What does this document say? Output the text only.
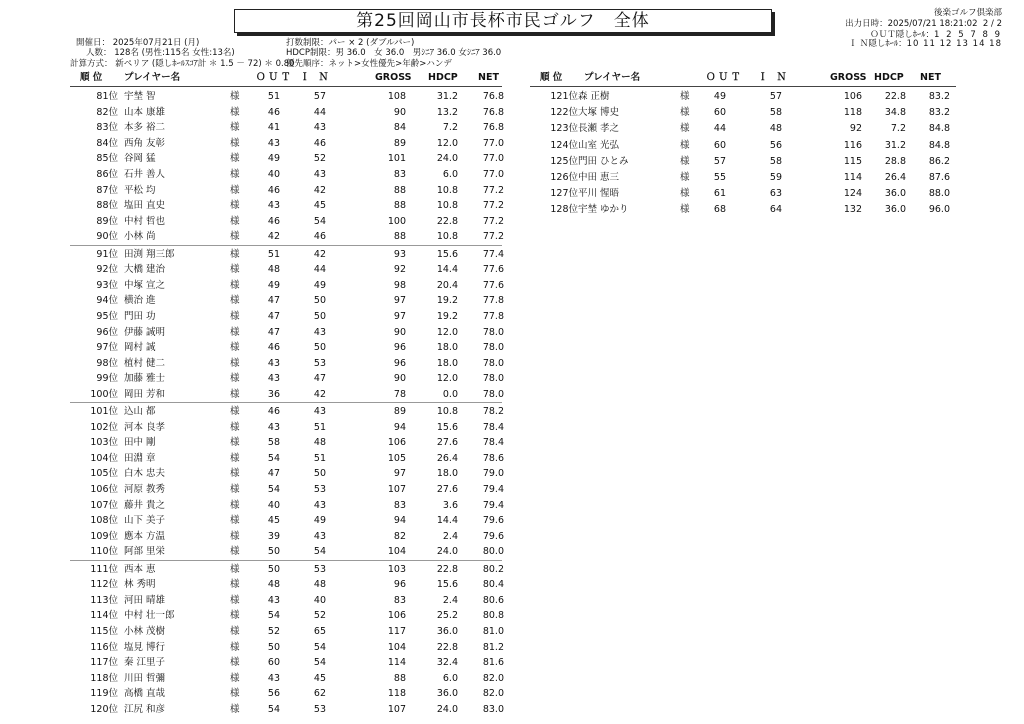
後楽ゴルフ倶楽部
出力日時：2025/07/21 18:21:02 2 / 2
ＯＵＴ隠しﾎｰﾙ：1 2 5 7 8 9
Ｉ Ｎ隠しﾎｰﾙ：10 11 12 13 14 18
第25回岡山市長杯市民ゴルフ　全体
開催日： 2025年07月21日 (月)
人数： 128名 (男性:115名 女性:13名)
計算方式： 新ペリア (隠しﾎｰﾙｽｺｱ計 ＊ 1.5 － 72) ＊ 0.80
打数制限：パー × 2 (ダブルパー)
HDCP制限：男 36.0　女 36.0　男ｼﾆｱ 36.0 女ｼﾆｱ 36.0
優先順序：ネット>女性優先>年齢>ハンデ
順 位 プレイヤー名	ＯＵＴ Ｉ Ｎ	GROSS HDCP NET
81位 宇埜 智	様	51	57	108	31.2	76.8
82位 山本 康雄	様	46	44	90	13.2	76.8
83位 本多 裕二	様	41	43	84	7.2	76.8
84位 西角 友彰	様	43	46	89	12.0	77.0
85位 谷岡 猛	様	49	52	101	24.0	77.0
86位 石井 善人	様	40	43	83	6.0	77.0
87位 平松 均	様	46	42	88	10.8	77.2
88位 塩田 直史	様	43	45	88	10.8	77.2
89位 中村 哲也	様	46	54	100	22.8	77.2
90位 小林 尚	様	42	46	88	10.8	77.2
91位 田渕 翔三郎	様	51	42	93	15.6	77.4
92位 大橋 建治	様	48	44	92	14.4	77.6
93位 中塚 宣之	様	49	49	98	20.4	77.6
94位 横治 進	様	47	50	97	19.2	77.8
95位 門田 功	様	47	50	97	19.2	77.8
96位 伊藤 誠明	様	47	43	90	12.0	78.0
97位 岡村 誠	様	46	50	96	18.0	78.0
98位 植村 健二	様	43	53	96	18.0	78.0
99位 加藤 雅士	様	43	47	90	12.0	78.0
100位 岡田 芳和	様	36	42	78	0.0	78.0
101位 込山 都	様	46	43	89	10.8	78.2
102位 河本 良孝	様	43	51	94	15.6	78.4
103位 田中 剛	様	58	48	106	27.6	78.4
104位 田淵 章	様	54	51	105	26.4	78.6
105位 白木 忠夫	様	47	50	97	18.0	79.0
106位 河原 教秀	様	54	53	107	27.6	79.4
107位 藤井 貴之	様	40	43	83	3.6	79.4
108位 山下 美子	様	45	49	94	14.4	79.6
109位 應本 方温	様	39	43	82	2.4	79.6
110位 阿部 里栄	様	50	54	104	24.0	80.0
111位 西本 恵	様	50	53	103	22.8	80.2
112位 林 秀明	様	48	48	96	15.6	80.4
113位 河田 晴雄	様	43	40	83	2.4	80.6
114位 中村 壮一郎	様	54	52	106	25.2	80.8
115位 小林 茂樹	様	52	65	117	36.0	81.0
116位 塩見 博行	様	50	54	104	22.8	81.2
117位 秦 江里子	様	60	54	114	32.4	81.6
118位 川田 哲彌	様	43	45	88	6.0	82.0
119位 高橋 直哉	様	56	62	118	36.0	82.0
120位 江尻 和彦	様	54	53	107	24.0	83.0
順 位 プレイヤー名	ＯＵＴ Ｉ Ｎ	GROSS HDCP NET
121位 森 正樹	様	49	57	106	22.8	83.2
122位 大塚 博史	様	60	58	118	34.8	83.2
123位 長瀬 孝之	様	44	48	92	7.2	84.8
124位 山室 光弘	様	60	56	116	31.2	84.8
125位 門田 ひとみ	様	57	58	115	28.8	86.2
126位 中田 恵三	様	55	59	114	26.4	87.6
127位 平川 惺晤	様	61	63	124	36.0	88.0
128位 宇埜 ゆかり	様	68	64	132	36.0	96.0
